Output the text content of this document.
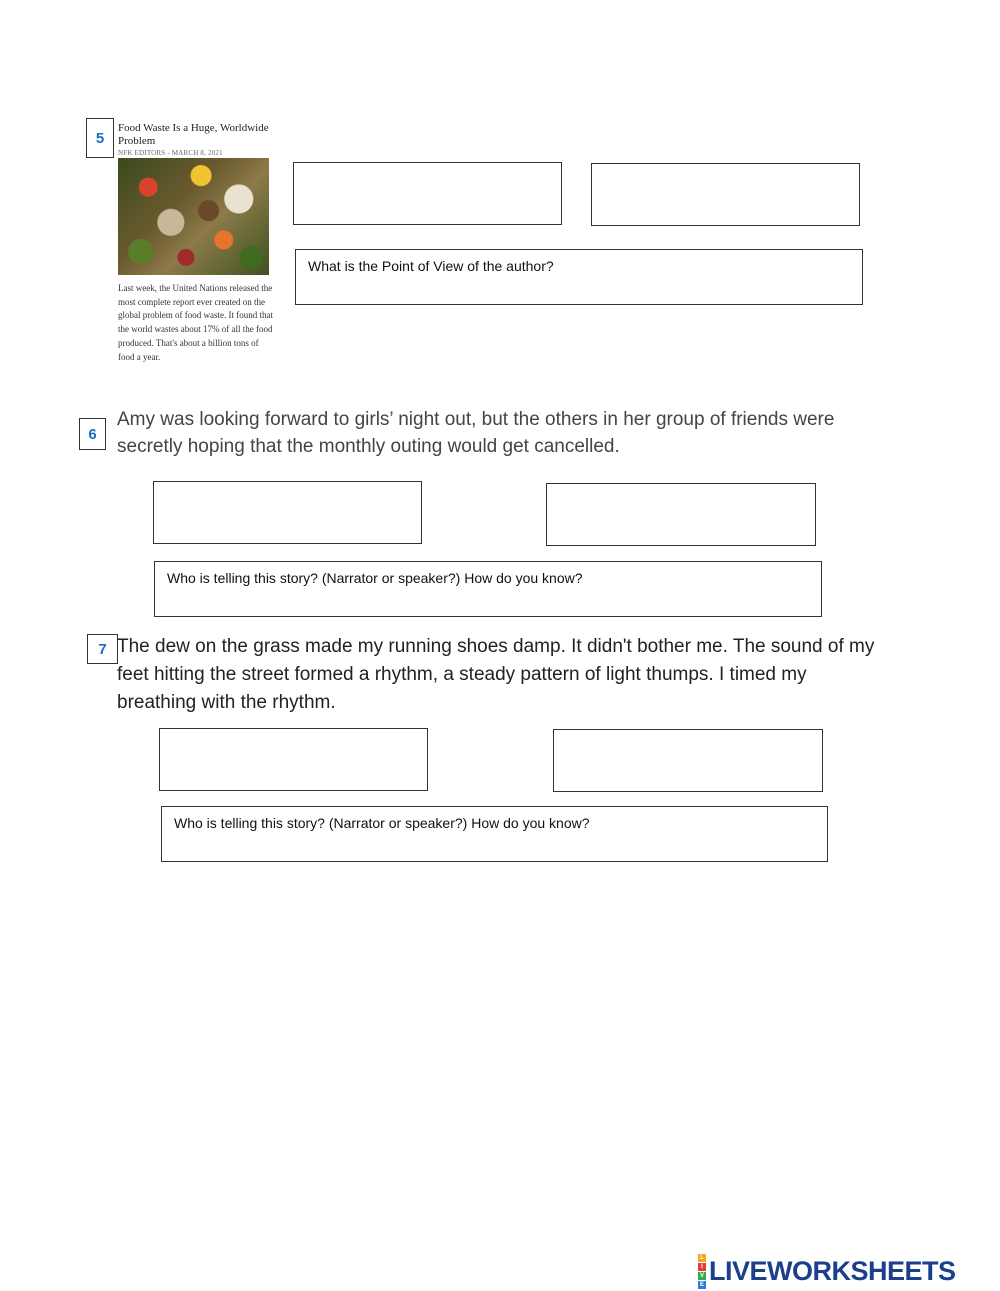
5
Food Waste Is a Huge, Worldwide Problem
NFK EDITORS - MARCH 8, 2021
Last week, the United Nations released the most complete report ever created on the global problem of food waste. It found that the world wastes about 17% of all the food produced. That's about a billion tons of food a year.
What is the Point of View of the author?
6
Amy was looking forward to girls’ night out, but the others in her group of friends were secretly hoping that the monthly outing would get cancelled.
Who is telling this story? (Narrator or speaker?) How do you know?
7 The dew on the grass made my running shoes damp. It didn't bother me. The sound of my feet hitting the street formed a rhythm, a steady pattern of light thumps. I timed my breathing with the rhythm.
Who is telling this story? (Narrator or speaker?) How do you know?
L
I
V
E LIVEWORKSHEETS
